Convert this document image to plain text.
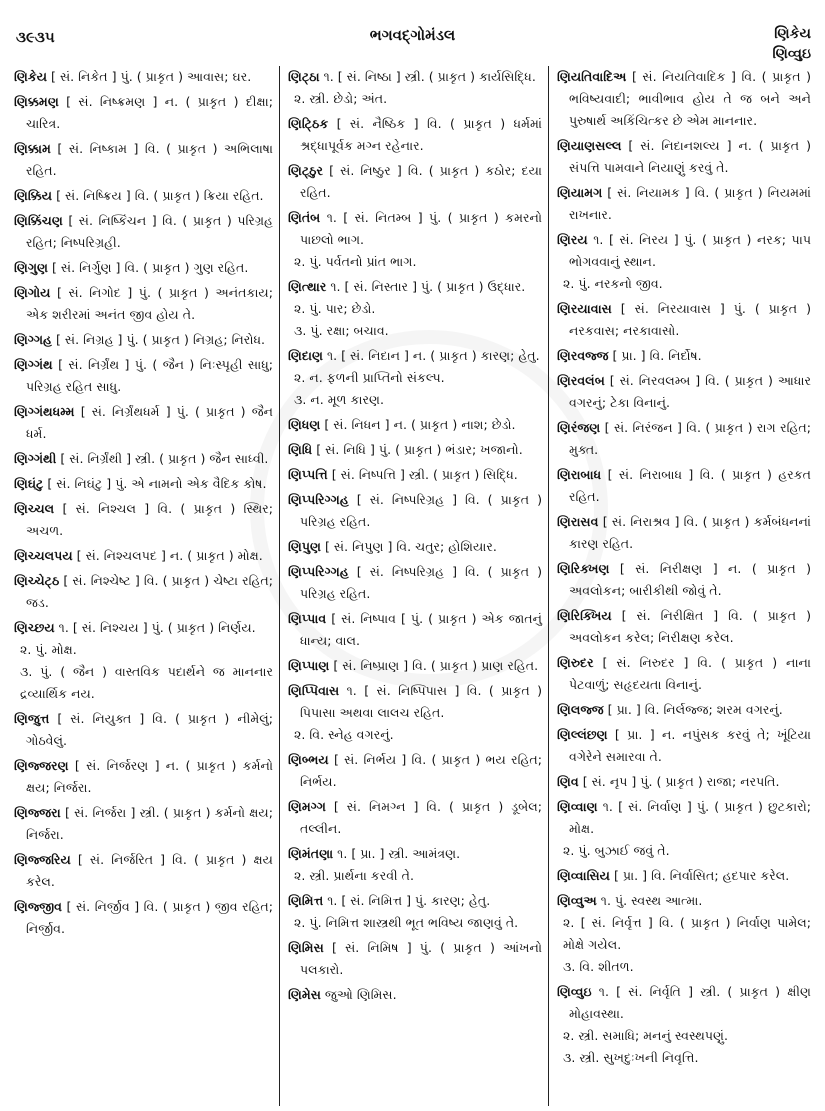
૩૯૩૫	ભગવદ્ગોમંડલ	ણિકેય
ણિવ્વુઇ
ણિકેય [ સં. નિકેત ] પું. ( પ્રાકૃત ) આવાસ; ઘર.
ણિક્કમણ [ સં. નિષ્ક્રમણ ] ન. ( પ્રાકૃત ) દીક્ષા; ચારિત્ર.
ણિક્કામ [ સં. નિષ્કામ ] વિ. ( પ્રાકૃત ) અભિલાષા રહિત.
ણિક્કિય [ સં. નિષ્ક્રિય ] વિ. ( પ્રાકૃત ) ક્રિયા રહિત.
ણિક્કિંચણ [ સં. નિષ્કિંચન ] વિ. ( પ્રાકૃત ) પરિગ્રહ રહિત; નિષ્પરિગ્રહી.
ણિગુણ [ સં. નિર્ગુણ ] વિ. ( પ્રાકૃત ) ગુણ રહિત.
ણિગોય [ સં. નિગોદ ] પું. ( પ્રાકૃત ) અનંતકાય; એક શરીરમાં અનંત જીવ હોય તે.
ણિગ્ગહ [ સં. નિગ્રહ ] પું. ( પ્રાકૃત ) નિગ્રહ; નિરોધ.
ણિગ્ગંથ [ સં. નિર્ગ્રંથ ] પું. ( જૈન ) નિઃસ્પૃહી સાધુ; પરિગ્રહ રહિત સાધુ.
ણિગ્ગંથધમ્મ [ સં. નિર્ગ્રંથધર્મ ] પું. ( પ્રાકૃત ) જૈન ધર્મ.
ણિગ્ગંથી [ સં. નિર્ગ્રંથી ] સ્ત્રી. ( પ્રાકૃત ) જૈન સાધ્વી.
ણિઘંટુ [ સં. નિઘંટુ ] પું. એ નામનો એક વૈદિક કોષ.
ણિચ્ચલ [ સં. નિશ્ચલ ] વિ. ( પ્રાકૃત ) સ્થિર; અચળ.
ણિચ્ચલપય [ સં. નિશ્ચલપદ ] ન. ( પ્રાકૃત ) મોક્ષ.
ણિચ્ચેટ્ઠ [ સં. નિશ્ચેષ્ટ ] વિ. ( પ્રાકૃત ) ચેષ્ટા રહિત; જડ.
ણિચ્છય ૧. [ સં. નિશ્ચય ] પું. ( પ્રાકૃત ) નિર્ણય.
૨. પું. મોક્ષ.
૩. પું. ( જૈન ) વાસ્તવિક પદાર્થને જ માનનાર દ્રવ્યાર્થિક નય.
ણિજુત્ત [ સં. નિયુક્ત ] વિ. ( પ્રાકૃત ) નીમેલું; ગોઠવેલું.
ણિજ્જરણ [ સં. નિર્જરણ ] ન. ( પ્રાકૃત ) કર્મનો ક્ષય; નિર્જરા.
ણિજ્જરા [ સં. નિર્જરા ] સ્ત્રી. ( પ્રાકૃત ) કર્મનો ક્ષય; નિર્જરા.
ણિજ્જરિય [ સં. નિર્જરિત ] વિ. ( પ્રાકૃત ) ક્ષય કરેલ.
ણિજ્જીવ [ સં. નિર્જીવ ] વિ. ( પ્રાકૃત ) જીવ રહિત; નિર્જીવ.
ણિટ્ઠા ૧. [ સં. નિષ્ઠા ] સ્ત્રી. ( પ્રાકૃત ) કાર્યસિદ્ધિ.
૨. સ્ત્રી. છેડો; અંત.
ણિટ્ઠિક [ સં. નૈષ્ઠિક ] વિ. ( પ્રાકૃત ) ધર્મમાં શ્રદ્ધાપૂર્વક મગ્ન રહેનાર.
ણિટ્ઠુર [ સં. નિષ્ઠુર ] વિ. ( પ્રાકૃત ) કઠોર; દયા રહિત.
ણિતંબ ૧. [ સં. નિતમ્બ ] પું. ( પ્રાકૃત ) કમરનો પાછલો ભાગ.
૨. પું. પર્વતનો પ્રાંત ભાગ.
ણિત્થાર ૧. [ સં. નિસ્તાર ] પું. ( પ્રાકૃત ) ઉદ્ધાર.
૨. પું. પાર; છેડો.
૩. પું. રક્ષા; બચાવ.
ણિદાણ ૧. [ સં. નિદાન ] ન. ( પ્રાકૃત ) કારણ; હેતુ.
૨. ન. ફળની પ્રાપ્તિનો સંકલ્પ.
૩. ન. મૂળ કારણ.
ણિધણ [ સં. નિધન ] ન. ( પ્રાકૃત ) નાશ; છેડો.
ણિધિ [ સં. નિધિ ] પું. ( પ્રાકૃત ) ભંડાર; ખજાનો.
ણિપ્પત્તિ [ સં. નિષ્પત્તિ ] સ્ત્રી. ( પ્રાકૃત ) સિદ્ધિ.
ણિપ્પરિગ્ગહ [ સં. નિષ્પરિગ્રહ ] વિ. ( પ્રાકૃત ) પરિગ્રહ રહિત.
ણિપુણ [ સં. નિપુણ ] વિ. ચતુર; હોશિયાર.
ણિપ્પરિગ્ગહ [ સં. નિષ્પરિગ્રહ ] વિ. ( પ્રાકૃત ) પરિગ્રહ રહિત.
ણિપ્પાવ [ સં. નિષ્પાવ [ પું. ( પ્રાકૃત ) એક જાતનું ધાન્ય; વાલ.
ણિપ્પાણ [ સં. નિષ્પ્રાણ ] વિ. ( પ્રાકૃત ) પ્રાણ રહિત.
ણિપ્પિવાસ ૧. [ સં. નિષ્પિપાસ ] વિ. ( પ્રાકૃત ) પિપાસા અથવા લાલચ રહિત.
૨. વિ. સ્નેહ વગરનું.
ણિબ્ભય [ સં. નિર્ભય ] વિ. ( પ્રાકૃત ) ભય રહિત; નિર્ભય.
ણિમગ્ગ [ સં. નિમગ્ન ] વિ. ( પ્રાકૃત ) ડૂબેલ; તલ્લીન.
ણિમંતણા ૧. [ પ્રા. ] સ્ત્રી. આમંત્રણ.
૨. સ્ત્રી. પ્રાર્થના કરવી તે.
ણિમિત્ત ૧. [ સં. નિમિત્ત ] પું. કારણ; હેતુ.
૨. પું. નિમિત્ત શાસ્ત્રથી ભૂત ભવિષ્ય જાણવું તે.
ણિમિસ [ સં. નિમિષ ] પું. ( પ્રાકૃત ) આંખનો પલકારો.
ણિમેસ જુઓ ણિમિસ.
ણિયતિવાદિઅ [ સં. નિયતિવાદિક ] વિ. ( પ્રાકૃત ) ભવિષ્યવાદી; ભાવીભાવ હોય તે જ બને અને પુરુષાર્થ અકિંચિત્કર છે એમ માનનાર.
ણિયાણસલ્લ [ સં. નિદાનશલ્ય ] ન. ( પ્રાકૃત ) સંપત્તિ પામવાને નિયાણું કરવું તે.
ણિયામગ [ સં. નિયામક ] વિ. ( પ્રાકૃત ) નિયમમાં રાખનાર.
ણિરય ૧. [ સં. નિરય ] પું. ( પ્રાકૃત ) નરક; પાપ ભોગવવાનું સ્થાન.
૨. પું. નરકનો જીવ.
ણિરયાવાસ [ સં. નિરયાવાસ ] પું. ( પ્રાકૃત ) નરકવાસ; નરકાવાસો.
ણિરવજ્જ [ પ્રા. ] વિ. નિર્દોષ.
ણિરવલંબ [ સં. નિરવલમ્બ ] વિ. ( પ્રાકૃત ) આધાર વગરનું; ટેકા વિનાનું.
ણિરંજણ [ સં. નિરંજન ] વિ. ( પ્રાકૃત ) રાગ રહિત; મુક્ત.
ણિરાબાધ [ સં. નિરાબાધ ] વિ. ( પ્રાકૃત ) હરકત રહિત.
ણિરાસવ [ સં. નિરાશ્રવ ] વિ. ( પ્રાકૃત ) કર્મબંધનનાં કારણ રહિત.
ણિરિક્ખણ [ સં. નિરીક્ષણ ] ન. ( પ્રાકૃત ) અવલોકન; બારીકીથી જોવું તે.
ણિરિક્ખિય [ સં. નિરીક્ષિત ] વિ. ( પ્રાકૃત ) અવલોકન કરેલ; નિરીક્ષણ કરેલ.
ણિરુદર [ સં. નિરુદર ] વિ. ( પ્રાકૃત ) નાના પેટવાળું; સહૃદયતા વિનાનું.
ણિલજ્જ [ પ્રા. ] વિ. નિર્લજ્જ; શરમ વગરનું.
ણિલ્લંછણ [ પ્રા. ] ન. નપુંસક કરવું તે; ખૂંટિયા વગેરેને સમારવા તે.
ણિવ [ સં. નૃપ ] પું. ( પ્રાકૃત ) રાજા; નરપતિ.
ણિવ્વાણ ૧. [ સં. નિર્વાણ ] પું. ( પ્રાકૃત ) છુટકારો; મોક્ષ.
૨. પું. બુઝાઈ જવું તે.
ણિવ્વાસિય [ પ્રા. ] વિ. નિર્વાસિત; હદપાર કરેલ.
ણિવ્વુઅ ૧. પું. સ્વસ્થ આત્મા.
૨. [ સં. નિર્વૃત્ત ] વિ. ( પ્રાકૃત ) નિર્વાણ પામેલ; મોક્ષે ગયેલ.
૩. વિ. શીતળ.
ણિવ્વુઇ ૧. [ સં. નિર્વૃતિ ] સ્ત્રી. ( પ્રાકૃત ) ક્ષીણ મોહાવસ્થા.
૨. સ્ત્રી. સમાધિ; મનનું સ્વસ્થપણું.
૩. સ્ત્રી. સુખદુઃખની નિવૃત્તિ.
